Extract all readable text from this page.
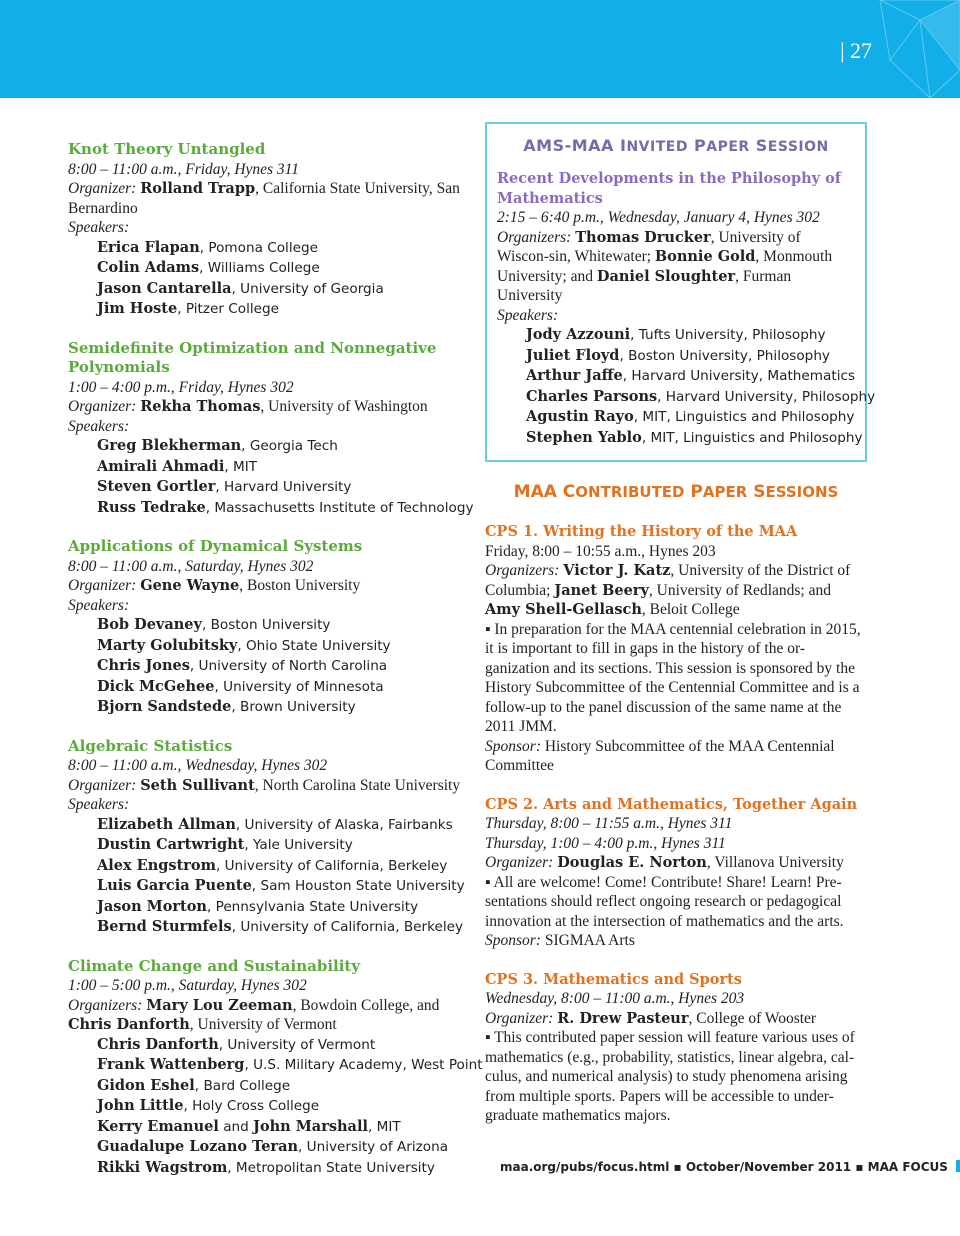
| 27
Knot Theory Untangled
8:00 – 11:00 a.m., Friday, Hynes 311
Organizer: Rolland Trapp, California State University, San Bernardino
Speakers:
Erica Flapan, Pomona College
Colin Adams, Williams College
Jason Cantarella, University of Georgia
Jim Hoste, Pitzer College
Semidefinite Optimization and Nonnegative Polynomials
1:00 – 4:00 p.m., Friday, Hynes 302
Organizer: Rekha Thomas, University of Washington
Speakers:
Greg Blekherman, Georgia Tech
Amirali Ahmadi, MIT
Steven Gortler, Harvard University
Russ Tedrake, Massachusetts Institute of Technology
Applications of Dynamical Systems
8:00 – 11:00 a.m., Saturday, Hynes 302
Organizer: Gene Wayne, Boston University
Speakers:
Bob Devaney, Boston University
Marty Golubitsky, Ohio State University
Chris Jones, University of North Carolina
Dick McGehee, University of Minnesota
Bjorn Sandstede, Brown University
Algebraic Statistics
8:00 – 11:00 a.m., Wednesday, Hynes 302
Organizer: Seth Sullivant, North Carolina State University
Speakers:
Elizabeth Allman, University of Alaska, Fairbanks
Dustin Cartwright, Yale University
Alex Engstrom, University of California, Berkeley
Luis Garcia Puente, Sam Houston State University
Jason Morton, Pennsylvania State University
Bernd Sturmfels, University of California, Berkeley
Climate Change and Sustainability
1:00 – 5:00 p.m., Saturday, Hynes 302
Organizers: Mary Lou Zeeman, Bowdoin College, and
Chris Danforth, University of Vermont
Chris Danforth, University of Vermont
Frank Wattenberg, U.S. Military Academy, West Point
Gidon Eshel, Bard College
John Little, Holy Cross College
Kerry Emanuel and John Marshall, MIT
Guadalupe Lozano Teran, University of Arizona
Rikki Wagstrom, Metropolitan State University
AMS-MAA INVITED PAPER SESSION
Recent Developments in the Philosophy of Mathematics
2:15 – 6:40 p.m., Wednesday, January 4, Hynes 302
Organizers: Thomas Drucker, University of Wiscon-sin, Whitewater; Bonnie Gold, Monmouth University; and Daniel Sloughter, Furman University
Speakers:
Jody Azzouni, Tufts University, Philosophy
Juliet Floyd, Boston University, Philosophy
Arthur Jaffe, Harvard University, Mathematics
Charles Parsons, Harvard University, Philosophy
Agustin Rayo, MIT, Linguistics and Philosophy
Stephen Yablo, MIT, Linguistics and Philosophy
MAA CONTRIBUTED PAPER SESSIONS
CPS 1. Writing the History of the MAA
Friday, 8:00 – 10:55 a.m., Hynes 203
Organizers: Victor J. Katz, University of the District of Columbia; Janet Beery, University of Redlands; and Amy Shell-Gellasch, Beloit College
▪ In preparation for the MAA centennial celebration in 2015, it is important to fill in gaps in the history of the or-ganization and its sections. This session is sponsored by the History Subcommittee of the Centennial Committee and is a follow-up to the panel discussion of the same name at the 2011 JMM.
Sponsor: History Subcommittee of the MAA Centennial Committee
CPS 2. Arts and Mathematics, Together Again
Thursday, 8:00 – 11:55 a.m., Hynes 311
Thursday, 1:00 – 4:00 p.m., Hynes 311
Organizer: Douglas E. Norton, Villanova University
▪ All are welcome! Come! Contribute! Share! Learn! Pre-sentations should reflect ongoing research or pedagogical innovation at the intersection of mathematics and the arts.
Sponsor: SIGMAA Arts
CPS 3. Mathematics and Sports
Wednesday, 8:00 – 11:00 a.m., Hynes 203
Organizer: R. Drew Pasteur, College of Wooster
▪ This contributed paper session will feature various uses of mathematics (e.g., probability, statistics, linear algebra, cal-culus, and numerical analysis) to study phenomena arising from multiple sports. Papers will be accessible to under-graduate mathematics majors.
maa.org/pubs/focus.html ▪ October/November 2011 ▪ MAA FOCUS
